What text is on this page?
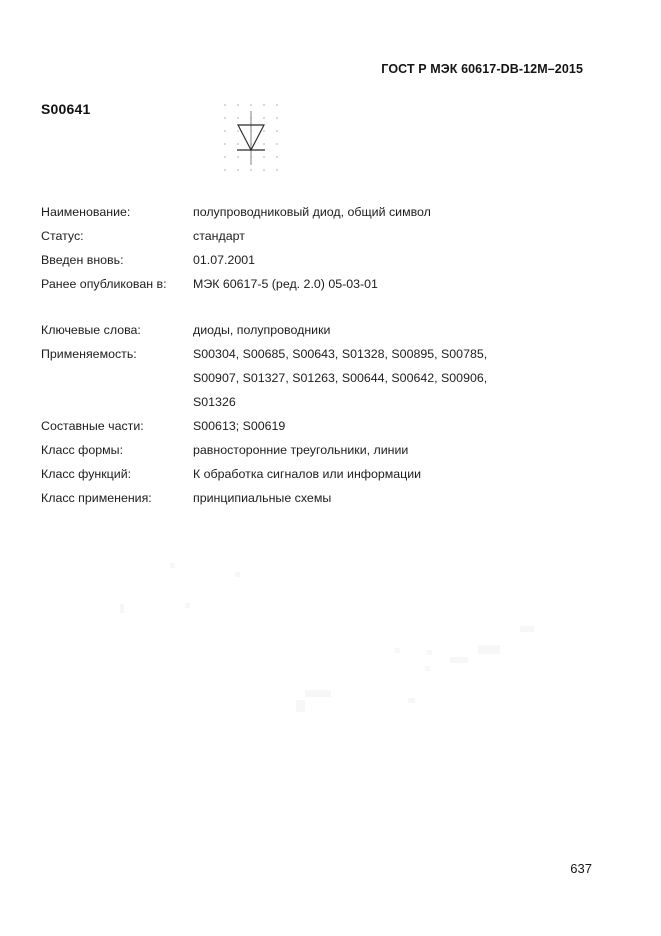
ГОСТ Р МЭК 60617-DB-12M–2015
S00641
Наименование:	полупроводниковый диод, общий символ
Статус:	стандарт
Введен вновь:	01.07.2001
Ранее опубликован в:	МЭК 60617-5 (ред. 2.0) 05-03-01
Ключевые слова:	диоды, полупроводники
Применяемость:	S00304, S00685, S00643, S01328, S00895, S00785,
S00907, S01327, S01263, S00644, S00642, S00906,
S01326
Составные части:	S00613; S00619
Класс формы:	равносторонние треугольники, линии
Класс функций:	К обработка сигналов или информации
Класс применения:	принципиальные схемы
637
